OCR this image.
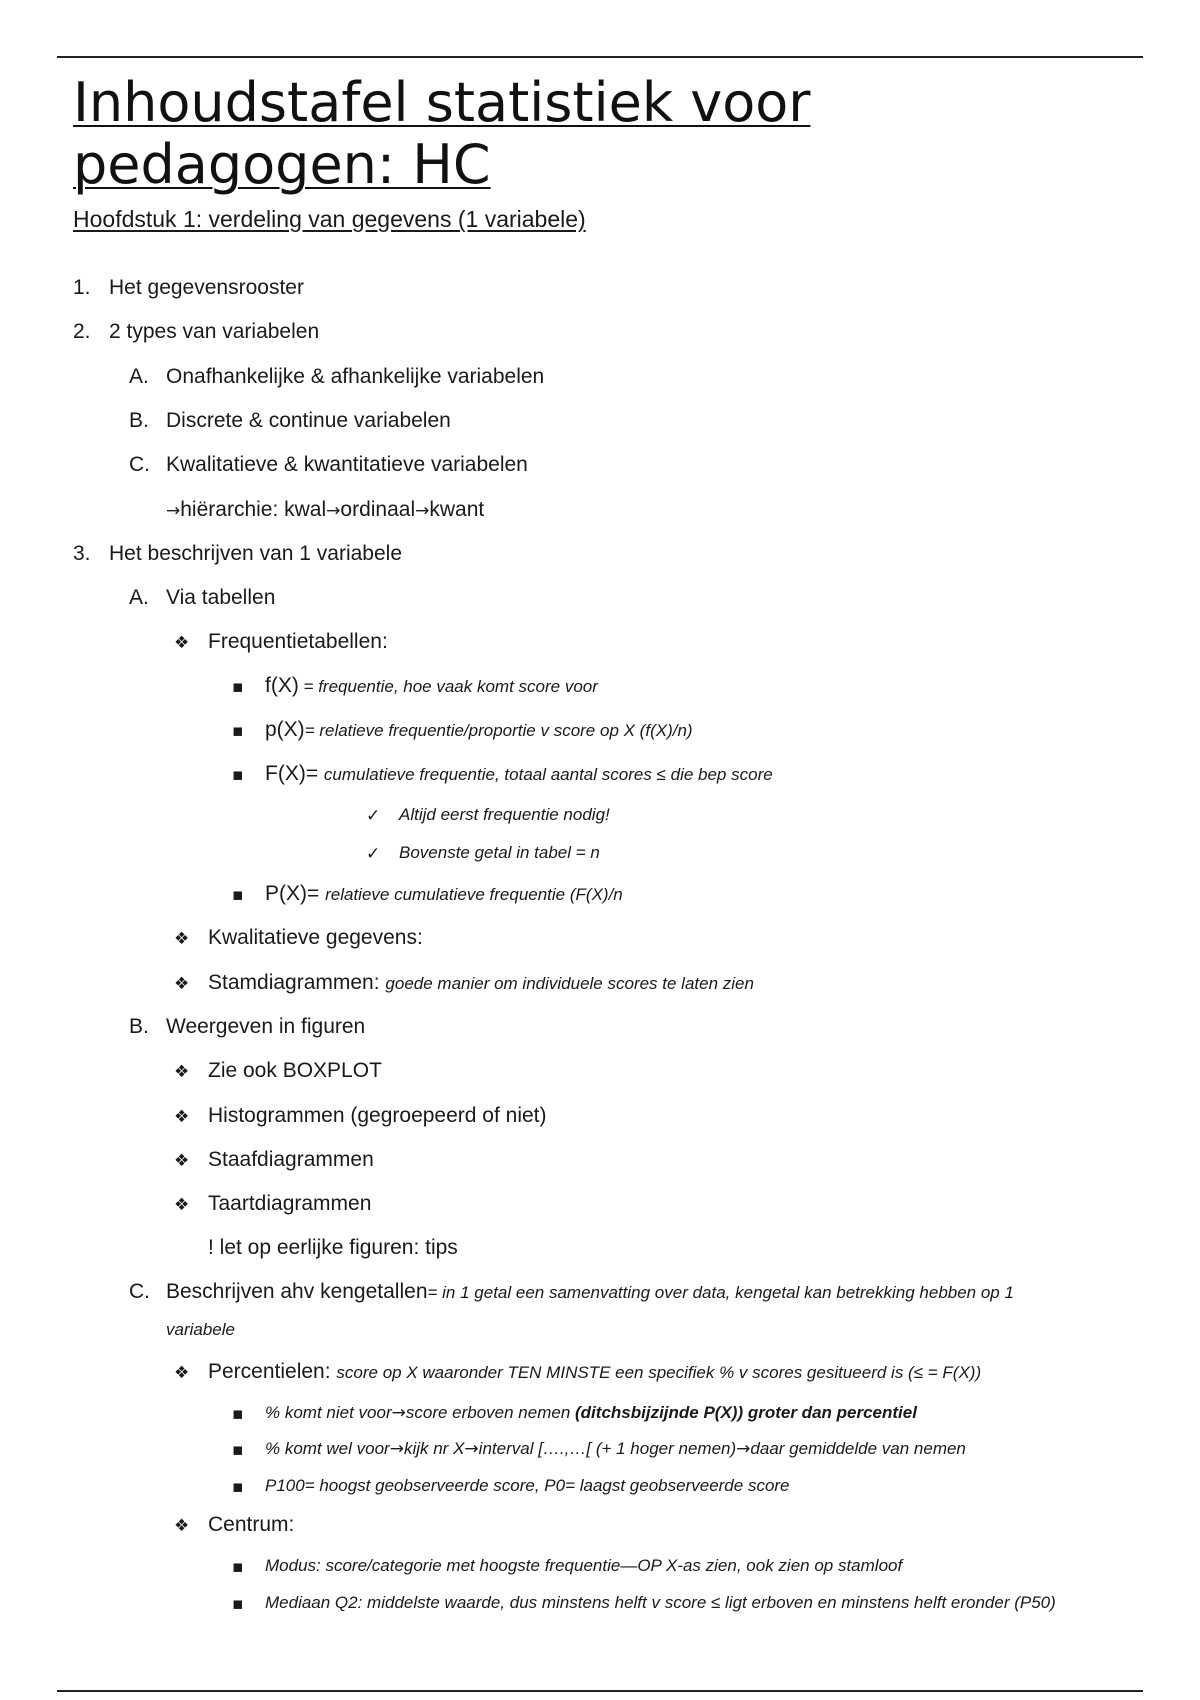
Inhoudstafel statistiek voor pedagogen: HC
Hoofdstuk 1: verdeling van gegevens (1 variabele)
1. Het gegevensrooster
2. 2 types van variabelen
A. Onafhankelijke & afhankelijke variabelen
B. Discrete & continue variabelen
C. Kwalitatieve & kwantitatieve variabelen
→hiërarchie: kwal→ordinaal→kwant
3. Het beschrijven van 1 variabele
A. Via tabellen
❖ Frequentietabellen:
▪ f(X) = frequentie, hoe vaak komt score voor
▪ p(X)= relatieve frequentie/proportie v score op X (f(X)/n)
▪ F(X)= cumulatieve frequentie, totaal aantal scores ≤ die bep score
✓ Altijd eerst frequentie nodig!
✓ Bovenste getal in tabel = n
▪ P(X)= relatieve cumulatieve frequentie (F(X)/n
❖ Kwalitatieve gegevens:
❖ Stamdiagrammen: goede manier om individuele scores te laten zien
B. Weergeven in figuren
❖ Zie ook BOXPLOT
❖ Histogrammen (gegroepeerd of niet)
❖ Staafdiagrammen
❖ Taartdiagrammen
! let op eerlijke figuren: tips
C. Beschrijven ahv kengetallen= in 1 getal een samenvatting over data, kengetal kan betrekking hebben op 1
variabele
❖ Percentielen: score op X waaronder TEN MINSTE een specifiek % v scores gesitueerd is (≤ = F(X))
▪ % komt niet voor→score erboven nemen (ditchsbijzijnde P(X)) groter dan percentiel
▪ % komt wel voor→kijk nr X→interval [….,…[ (+ 1 hoger nemen)→daar gemiddelde van nemen
▪ P100= hoogst geobserveerde score, P0= laagst geobserveerde score
❖ Centrum:
▪ Modus: score/categorie met hoogste frequentie—OP X-as zien, ook zien op stamloof
▪ Mediaan Q2: middelste waarde, dus minstens helft v score ≤ ligt erboven en minstens helft eronder (P50)
